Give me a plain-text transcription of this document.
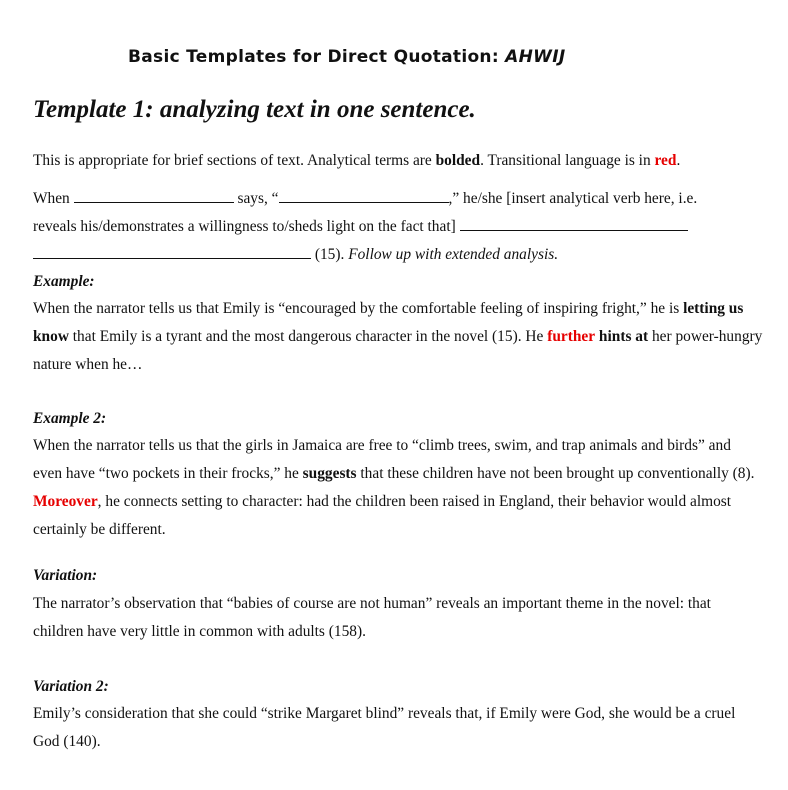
Basic Templates for Direct Quotation: AHWIJ
Template 1: analyzing text in one sentence.
This is appropriate for brief sections of text. Analytical terms are bolded. Transitional language is in red.
When	says, “	,” he/she [insert analytical verb here, i.e.
reveals his/demonstrates a willingness to/sheds light on the fact that]
(15). Follow up with extended analysis.
Example:
When the narrator tells us that Emily is “encouraged by the comfortable feeling of inspiring fright,” he is letting us know that Emily is a tyrant and the most dangerous character in the novel (15). He further hints at her power-hungry nature when he…
Example 2:
When the narrator tells us that the girls in Jamaica are free to “climb trees, swim, and trap animals and birds” and even have “two pockets in their frocks,” he suggests that these children have not been brought up conventionally (8). Moreover, he connects setting to character: had the children been raised in England, their behavior would almost certainly be different.
Variation:
The narrator’s observation that “babies of course are not human” reveals an important theme in the novel: that children have very little in common with adults (158).
Variation 2:
Emily’s consideration that she could “strike Margaret blind” reveals that, if Emily were God, she would be a cruel God (140).
